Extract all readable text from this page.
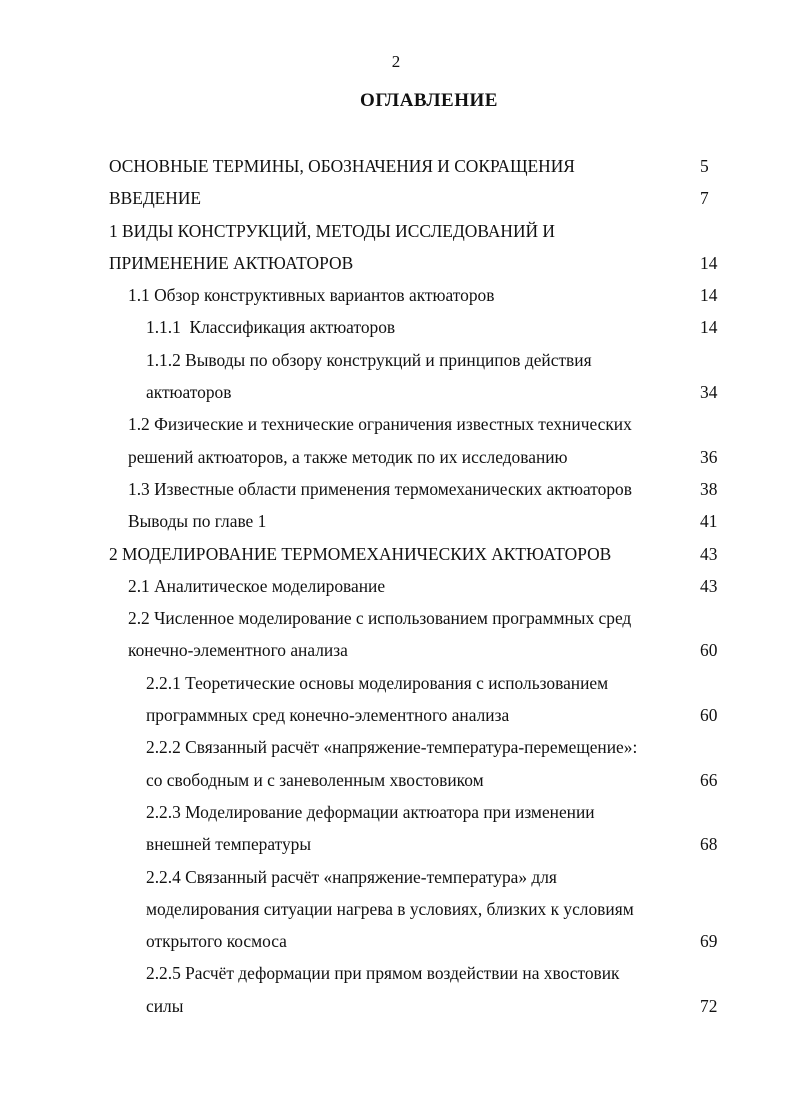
2
ОГЛАВЛЕНИЕ
ОСНОВНЫЕ ТЕРМИНЫ, ОБОЗНАЧЕНИЯ И СОКРАЩЕНИЯ	5
ВВЕДЕНИЕ	7
1 ВИДЫ КОНСТРУКЦИЙ, МЕТОДЫ ИССЛЕДОВАНИЙ И
ПРИМЕНЕНИЕ АКТЮАТОРОВ	14
1.1 Обзор конструктивных вариантов актюаторов	14
1.1.1  Классификация актюаторов	14
1.1.2 Выводы по обзору конструкций и принципов действия
актюаторов	34
1.2 Физические и технические ограничения известных технических
решений актюаторов, а также методик по их исследованию	36
1.3 Известные области применения термомеханических актюаторов	38
Выводы по главе 1	41
2 МОДЕЛИРОВАНИЕ ТЕРМОМЕХАНИЧЕСКИХ АКТЮАТОРОВ	43
2.1 Аналитическое моделирование	43
2.2 Численное моделирование с использованием программных сред
конечно-элементного анализа	60
2.2.1 Теоретические основы моделирования с использованием
программных сред конечно-элементного анализа	60
2.2.2 Связанный расчёт «напряжение-температура-перемещение»:
со свободным и с заневоленным хвостовиком	66
2.2.3 Моделирование деформации актюатора при изменении
внешней температуры	68
2.2.4 Связанный расчёт «напряжение-температура» для
моделирования ситуации нагрева в условиях, близких к условиям
открытого космоса	69
2.2.5 Расчёт деформации при прямом воздействии на хвостовик
силы	72
